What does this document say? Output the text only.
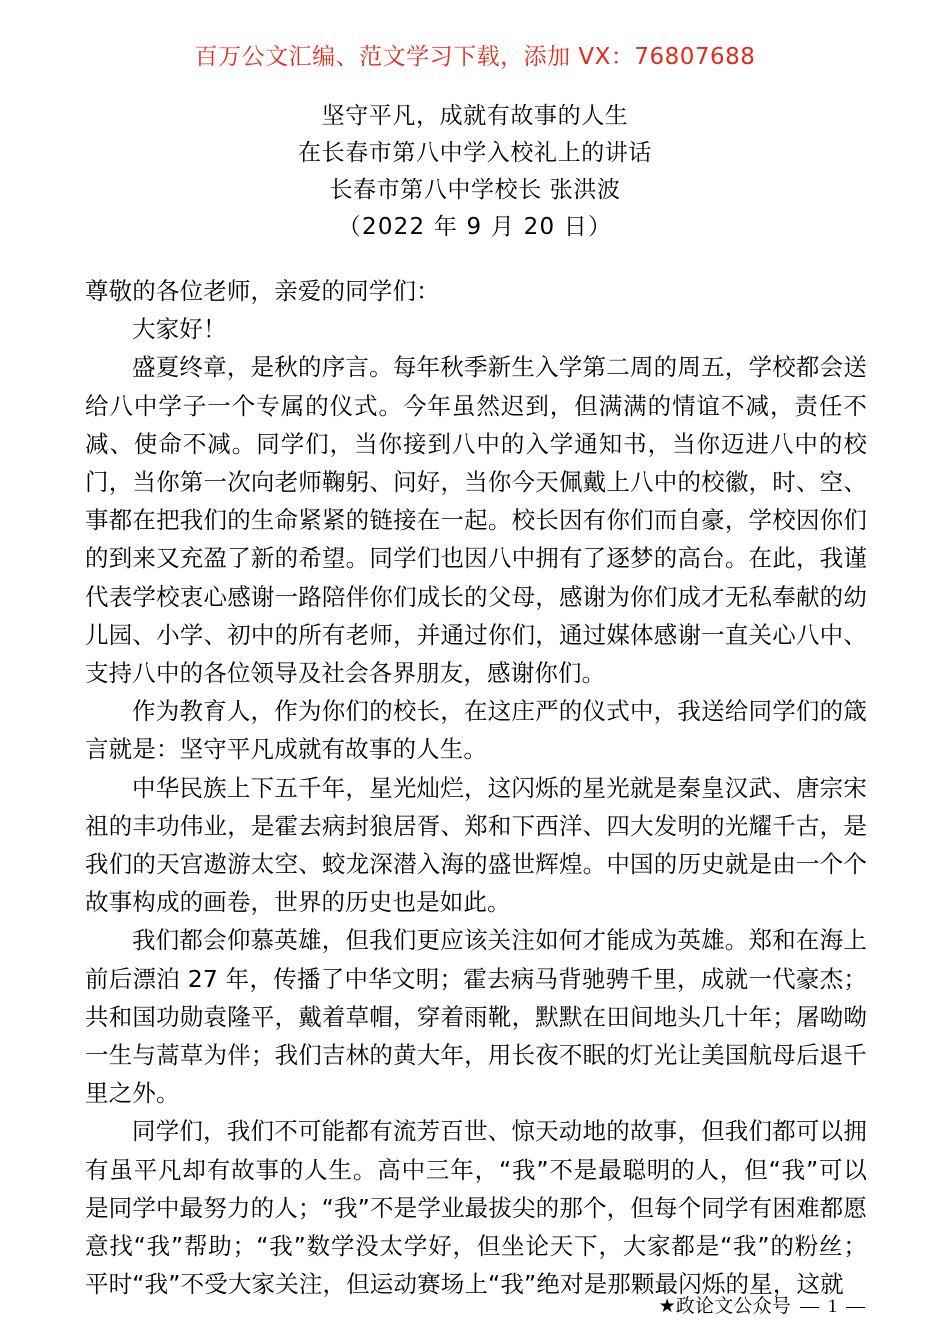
百万公文汇编、范文学习下载，添加 VX：76807688
坚守平凡，成就有故事的人生
在长春市第八中学入校礼上的讲话
长春市第八中学校长 张洪波
（2022 年 9 月 20 日）

尊敬的各位老师，亲爱的同学们：

大家好！

盛夏终章，是秋的序言。每年秋季新生入学第二周的周五，学校都会送给八中学子一个专属的仪式。今年虽然迟到，但满满的情谊不减，责任不减、使命不减。同学们，当你接到八中的入学通知书，当你迈进八中的校门，当你第一次向老师鞠躬、问好，当你今天佩戴上八中的校徽，时、空、事都在把我们的生命紧紧的链接在一起。校长因有你们而自豪，学校因你们的到来又充盈了新的希望。同学们也因八中拥有了逐梦的高台。在此，我谨代表学校衷心感谢一路陪伴你们成长的父母，感谢为你们成才无私奉献的幼儿园、小学、初中的所有老师，并通过你们，通过媒体感谢一直关心八中、支持八中的各位领导及社会各界朋友，感谢你们。

作为教育人，作为你们的校长，在这庄严的仪式中，我送给同学们的箴言就是：坚守平凡成就有故事的人生。

中华民族上下五千年，星光灿烂，这闪烁的星光就是秦皇汉武、唐宗宋祖的丰功伟业，是霍去病封狼居胥、郑和下西洋、四大发明的光耀千古，是我们的天宫遨游太空、蛟龙深潜入海的盛世辉煌。中国的历史就是由一个个故事构成的画卷，世界的历史也是如此。

我们都会仰慕英雄，但我们更应该关注如何才能成为英雄。郑和在海上前后漂泊 27 年，传播了中华文明；霍去病马背驰骋千里，成就一代豪杰；共和国功勋袁隆平，戴着草帽，穿着雨靴，默默在田间地头几十年；屠呦呦一生与蒿草为伴；我们吉林的黄大年，用长夜不眠的灯光让美国航母后退千里之外。

同学们，我们不可能都有流芳百世、惊天动地的故事，但我们都可以拥有虽平凡却有故事的人生。高中三年，“我”不是最聪明的人，但“我”可以是同学中最努力的人；“我”不是学业最拔尖的那个，但每个同学有困难都愿意找“我”帮助；“我”数学没太学好，但坐论天下，大家都是“我”的粉丝；平时“我”不受大家关注，但运动赛场上“我”绝对是那颗最闪烁的星，这就

★政论文公众号 — 1 —
